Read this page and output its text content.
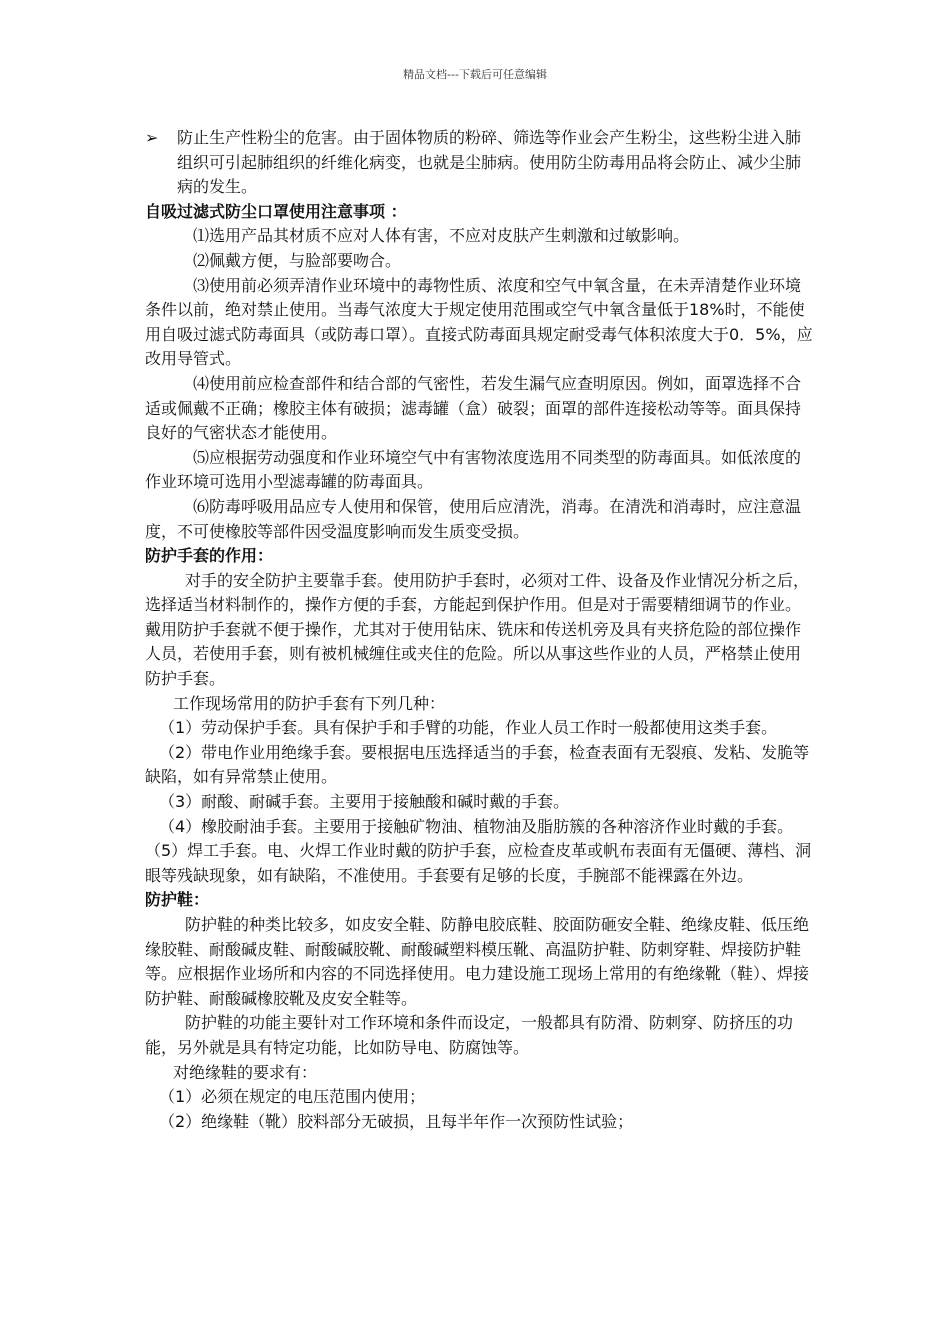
精品文档---下载后可任意编辑
➢	防止生产性粉尘的危害。由于固体物质的粉碎、筛选等作业会产生粉尘，这些粉尘进入肺组织可引起肺组织的纤维化病变，也就是尘肺病。使用防尘防毒用品将会防止、减少尘肺病的发生。

自吸过滤式防尘口罩使用注意事项 ：

⑴选用产品其材质不应对人体有害，不应对皮肤产生刺激和过敏影响。

⑵佩戴方便，与脸部要吻合。

⑶使用前必须弄清作业环境中的毒物性质、浓度和空气中氧含量，在未弄清楚作业环境条件以前，绝对禁止使用。当毒气浓度大于规定使用范围或空气中氧含量低于18%时，不能使用自吸过滤式防毒面具（或防毒口罩）。直接式防毒面具规定耐受毒气体积浓度大于0．5%，应改用导管式。

⑷使用前应检查部件和结合部的气密性，若发生漏气应查明原因。例如，面罩选择不合适或佩戴不正确；橡胶主体有破损；滤毒罐（盒）破裂；面罩的部件连接松动等等。面具保持良好的气密状态才能使用。

⑸应根据劳动强度和作业环境空气中有害物浓度选用不同类型的防毒面具。如低浓度的作业环境可选用小型滤毒罐的防毒面具。

⑹防毒呼吸用品应专人使用和保管，使用后应清洗，消毒。在清洗和消毒时，应注意温度，不可使橡胶等部件因受温度影响而发生质变受损。

防护手套的作用：

对手的安全防护主要靠手套。使用防护手套时，必须对工件、设备及作业情况分析之后，选择适当材料制作的，操作方便的手套，方能起到保护作用。但是对于需要精细调节的作业。戴用防护手套就不便于操作，尤其对于使用钻床、铣床和传送机旁及具有夹挤危险的部位操作人员，若使用手套，则有被机械缠住或夹住的危险。所以从事这些作业的人员，严格禁止使用防护手套。

工作现场常用的防护手套有下列几种：

（1）劳动保护手套。具有保护手和手臂的功能，作业人员工作时一般都使用这类手套。

（2）带电作业用绝缘手套。要根据电压选择适当的手套，检查表面有无裂痕、发粘、发脆等缺陷，如有异常禁止使用。

（3）耐酸、耐碱手套。主要用于接触酸和碱时戴的手套。

（4）橡胶耐油手套。主要用于接触矿物油、植物油及脂肪簇的各种溶济作业时戴的手套。　　（5）焊工手套。电、火焊工作业时戴的防护手套，应检查皮革或帆布表面有无僵硬、薄档、洞眼等残缺现象，如有缺陷，不准使用。手套要有足够的长度，手腕部不能裸露在外边。

防护鞋：

防护鞋的种类比较多，如皮安全鞋、防静电胶底鞋、胶面防砸安全鞋、绝缘皮鞋、低压绝缘胶鞋、耐酸碱皮鞋、耐酸碱胶靴、耐酸碱塑料模压靴、高温防护鞋、防刺穿鞋、焊接防护鞋等。应根据作业场所和内容的不同选择使用。电力建设施工现场上常用的有绝缘靴（鞋）、焊接防护鞋、耐酸碱橡胶靴及皮安全鞋等。

防护鞋的功能主要针对工作环境和条件而设定，一般都具有防滑、防刺穿、防挤压的功能，另外就是具有特定功能，比如防导电、防腐蚀等。

对绝缘鞋的要求有：

（1）必须在规定的电压范围内使用；

（2）绝缘鞋（靴）胶料部分无破损，且每半年作一次预防性试验；
